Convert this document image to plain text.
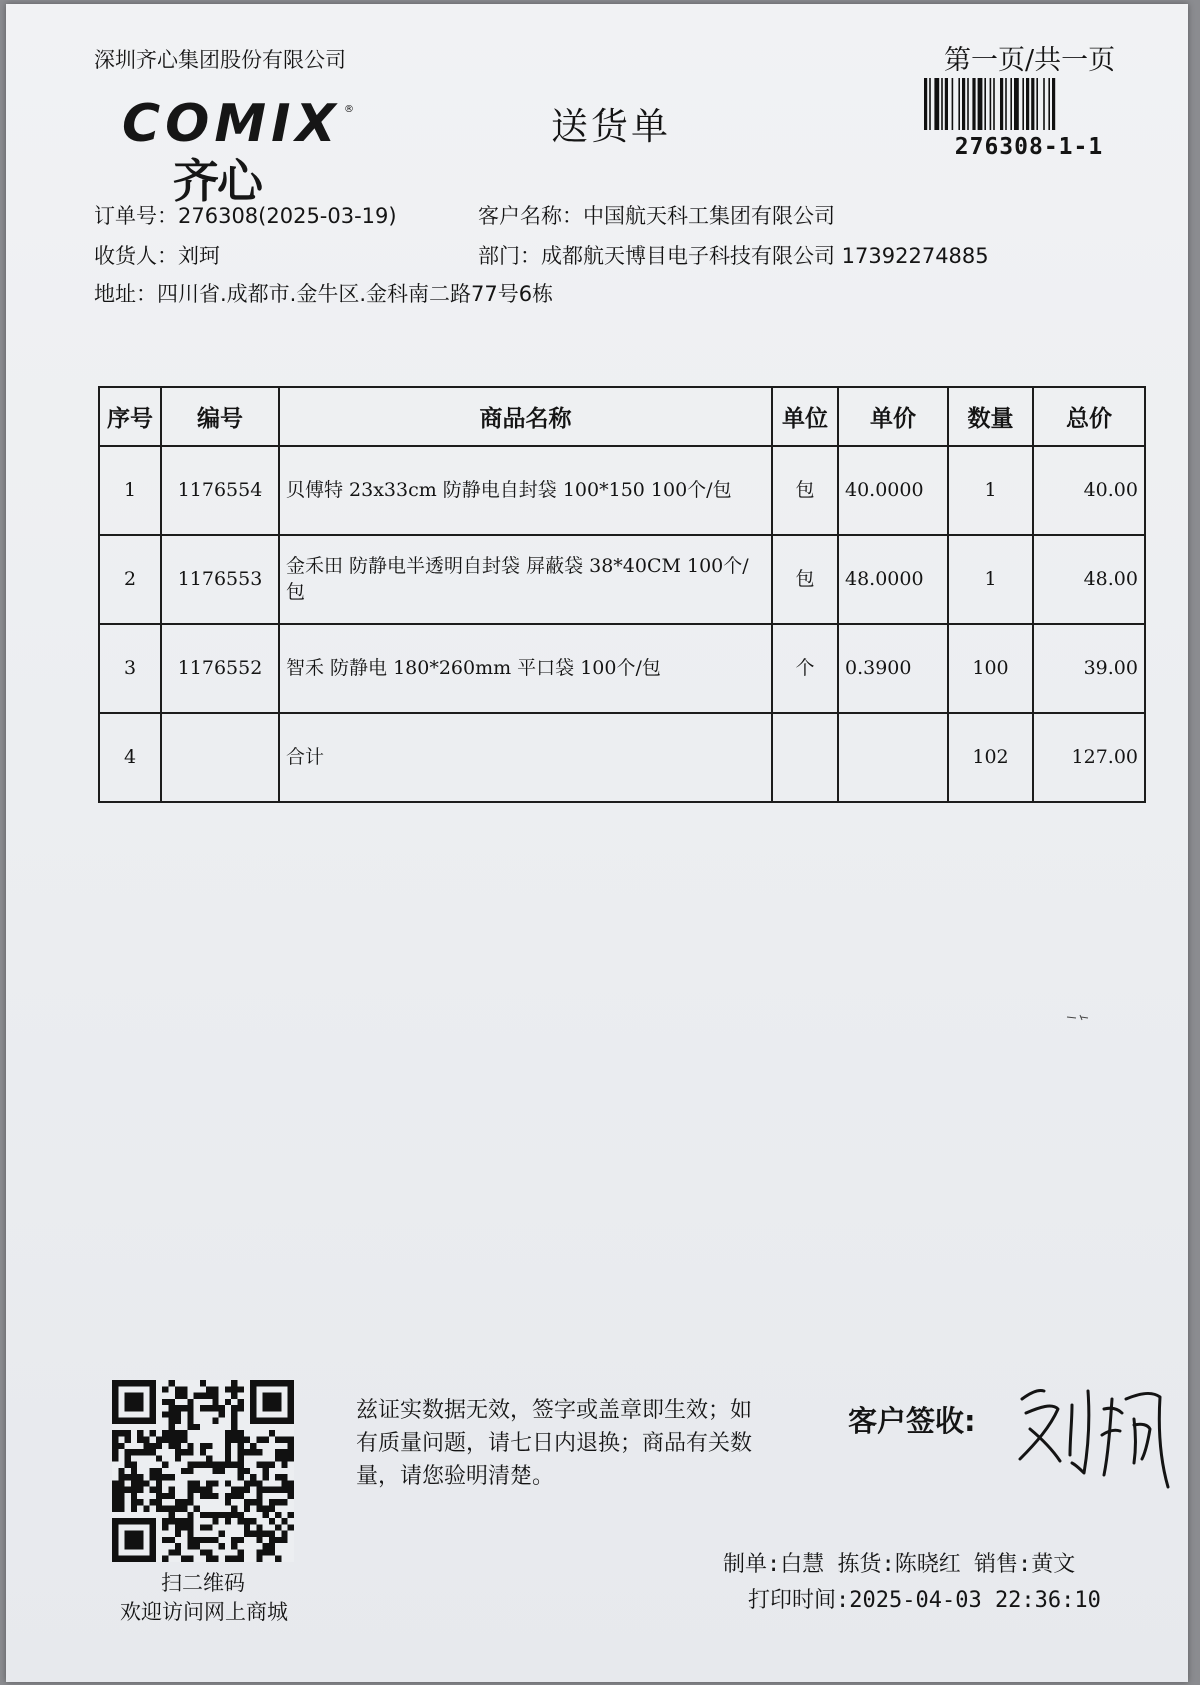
深圳齐心集团股份有限公司	第一页/共一页
276308-1-1
送货单
COMIX ®
齐心
订单号：276308(2025-03-19)
收货人：刘珂
地址：四川省.成都市.金牛区.金科南二路77号6栋
客户名称：中国航天科工集团有限公司
部门：成都航天博目电子科技有限公司 17392274885
序号	编号	商品名称	单位	单价	数量	总价
1	1176554	贝傅特 23x33cm 防静电自封袋 100*150 100个/包	包	40.0000	1	40.00
2	1176553	金禾田 防静电半透明自封袋 屏蔽袋 38*40CM 100个/包	包	48.0000	1	48.00
3	1176552	智禾 防静电 180*260mm 平口袋 100个/包	个	0.3900	100	39.00
4		合计			102	127.00
扫二维码
欢迎访问网上商城
兹证实数据无效，签字或盖章即生效；如有质量问题，请七日内退换；商品有关数量，请您验明清楚。
客户签收:
制单:白慧 拣货:陈晓红 销售:黄文
打印时间:2025-04-03 22:36:10
